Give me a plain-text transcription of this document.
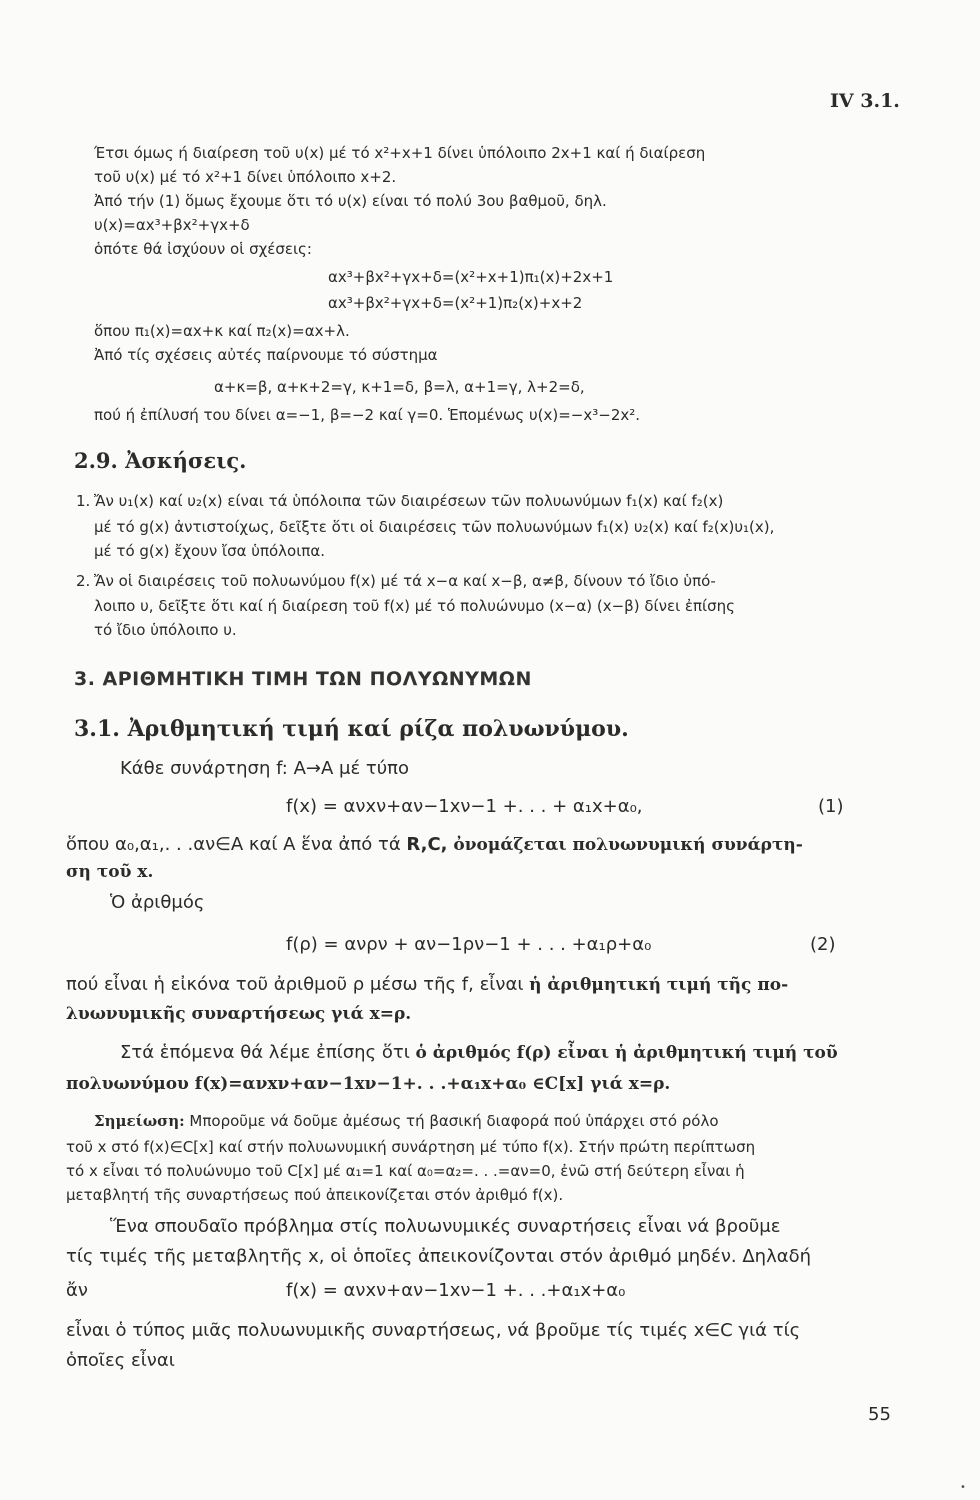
IV 3.1.
Έτσι όμως ή διαίρεση τοῦ υ(x) μέ τό x²+x+1 δίνει ὑπόλοιπο 2x+1 καί ή διαίρεση
τοῦ υ(x) μέ τό x²+1 δίνει ὑπόλοιπο x+2.
Ἀπό τήν (1) ὅμως ἔχουμε ὅτι τό υ(x) είναι τό πολύ 3ου βαθμοῦ, δηλ.
υ(x)=αx³+βx²+γx+δ
ὁπότε θά ἰσχύουν οἱ σχέσεις:
αx³+βx²+γx+δ=(x²+x+1)π₁(x)+2x+1
αx³+βx²+γx+δ=(x²+1)π₂(x)+x+2
ὅπου π₁(x)=αx+κ καί π₂(x)=αx+λ.
Ἀπό τίς σχέσεις αὐτές παίρνουμε τό σύστημα
α+κ=β, α+κ+2=γ, κ+1=δ, β=λ, α+1=γ, λ+2=δ,
πού ή ἐπίλυσή του δίνει α=−1, β=−2 καί γ=0. Ἑπομένως υ(x)=−x³−2x².
2.9. Ἀσκήσεις.
1. Ἄν υ₁(x) καί υ₂(x) είναι τά ὑπόλοιπα τῶν διαιρέσεων τῶν πολυωνύμων f₁(x) καί f₂(x)
μέ τό g(x) ἀντιστοίχως, δεῖξτε ὅτι οἱ διαιρέσεις τῶν πολυωνύμων f₁(x) υ₂(x) καί f₂(x)υ₁(x),
μέ τό g(x) ἔχουν ἴσα ὑπόλοιπα.
2. Ἄν οἱ διαιρέσεις τοῦ πολυωνύμου f(x) μέ τά x−α καί x−β, α≠β, δίνουν τό ἴδιο ὑπό-
λοιπο υ, δεῖξτε ὅτι καί ή διαίρεση τοῦ f(x) μέ τό πολυώνυμο (x−α) (x−β) δίνει ἐπίσης
τό ἴδιο ὑπόλοιπο υ.
3. ΑΡΙΘΜΗΤΙΚΗ ΤΙΜΗ ΤΩΝ ΠΟΛΥΩΝΥΜΩΝ
3.1. Ἀριθμητική τιμή καί ρίζα πολυωνύμου.
Κάθε συνάρτηση f: A→A μέ τύπο
f(x) = ανxν+αν−1xν−1 +. . . + α₁x+α₀,	(1)
ὅπου α₀,α₁,. . .αν∈A καί A ἕνα ἀπό τά R,C, ὀνομάζεται πολυωνυμική συνάρτη-
ση τοῦ x.
Ὁ ἀριθμός
f(ρ) = ανρν + αν−1ρν−1 + . . . +α₁ρ+α₀	(2)
πού εἶναι ἡ εἰκόνα τοῦ ἀριθμοῦ ρ μέσω τῆς f, εἶναι ἡ ἀριθμητική τιμή τῆς πο-
λυωνυμικῆς συναρτήσεως γιά x=ρ.
Στά ἑπόμενα θά λέμε ἐπίσης ὅτι ὁ ἀριθμός f(ρ) εἶναι ἡ ἀριθμητική τιμή τοῦ
πολυωνύμου f(x)=ανxν+αν−1xν−1+. . .+α₁x+α₀ ∈C[x] γιά x=ρ.
Σημείωση: Μποροῦμε νά δοῦμε ἀμέσως τή βασική διαφορά πού ὑπάρχει στό ρόλο
τοῦ x στό f(x)∈C[x] καί στήν πολυωνυμική συνάρτηση μέ τύπο f(x). Στήν πρώτη περίπτωση
τό x εἶναι τό πολυώνυμο τοῦ C[x] μέ α₁=1 καί α₀=α₂=. . .=αν=0, ἐνῶ στή δεύτερη εἶναι ἡ
μεταβλητή τῆς συναρτήσεως πού ἀπεικονίζεται στόν ἀριθμό f(x).
Ἕνα σπουδαῖο πρόβλημα στίς πολυωνυμικές συναρτήσεις εἶναι νά βροῦμε
τίς τιμές τῆς μεταβλητῆς x, οἱ ὁποῖες ἀπεικονίζονται στόν ἀριθμό μηδέν. Δηλαδή
ἄν	f(x) = ανxν+αν−1xν−1 +. . .+α₁x+α₀
εἶναι ὁ τύπος μιᾶς πολυωνυμικῆς συναρτήσεως, νά βροῦμε τίς τιμές x∈C γιά τίς
ὁποῖες εἶναι
55
•
